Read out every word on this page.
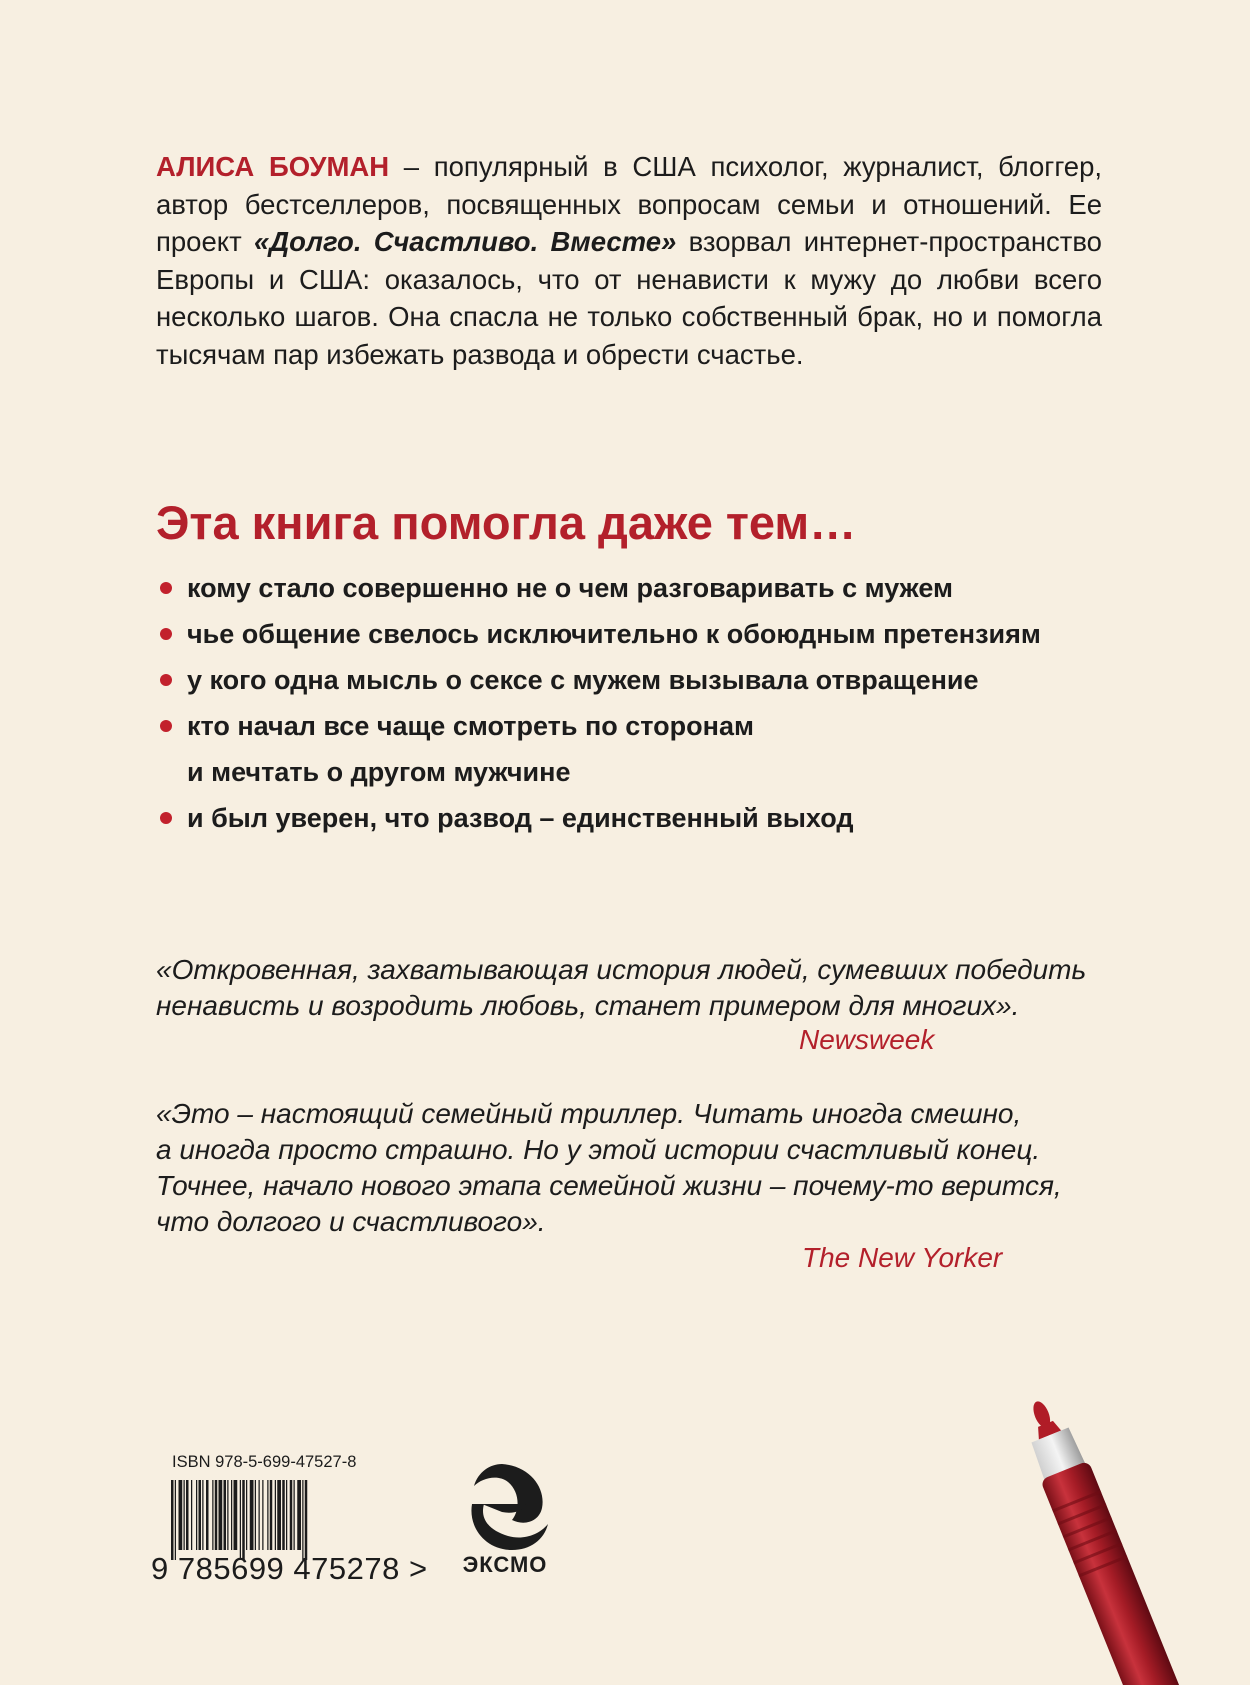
АЛИСА БОУМАН – популярный в США психолог, журналист, блоггер, автор бестселлеров, посвященных вопросам семьи и отношений. Ее проект «Долго. Счастливо. Вместе» взорвал интернет-пространство Европы и США: оказалось, что от ненависти к мужу до любви всего несколько шагов. Она спасла не только собственный брак, но и помогла тысячам пар избежать развода и обрести счастье.
Эта книга помогла даже тем…
кому стало совершенно не о чем разговаривать с мужем
чье общение свелось исключительно к обоюдным претензиям
у кого одна мысль о сексе с мужем вызывала отвращение
кто начал все чаще смотреть по сторонам
и мечтать о другом мужчине
и был уверен, что развод – единственный выход
«Откровенная, захватывающая история людей, сумевших победить
ненависть и возродить любовь, станет примером для многих».
Newsweek
«Это – настоящий семейный триллер. Читать иногда смешно,
а иногда просто страшно. Но у этой истории счастливый конец.
Точнее, начало нового этапа семейной жизни – почему-то верится,
что долгого и счастливого».
The New Yorker
ISBN 978-5-699-47527-8
9 785699 475278 > ЭКСМО
